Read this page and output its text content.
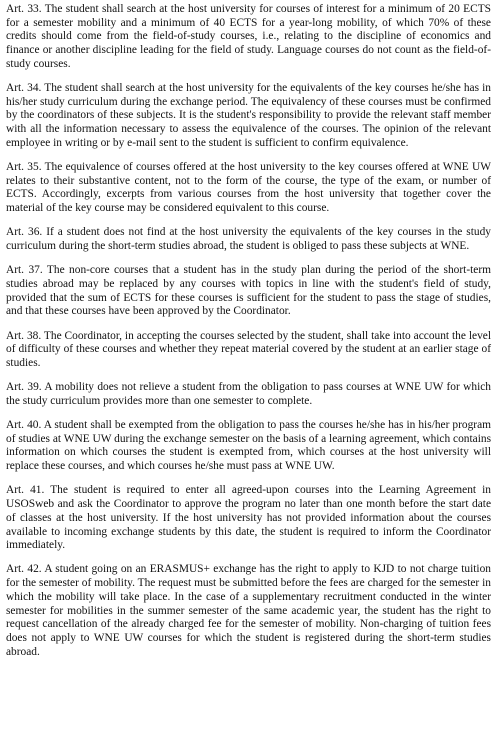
Art. 33. The student shall search at the host university for courses of interest for a minimum of 20 ECTS for a semester mobility and a minimum of 40 ECTS for a year-long mobility, of which 70% of these credits should come from the field-of-study courses, i.e., relating to the discipline of economics and finance or another discipline leading for the field of study. Language courses do not count as the field-of-study courses.

Art. 34. The student shall search at the host university for the equivalents of the key courses he/she has in his/her study curriculum during the exchange period. The equivalency of these courses must be confirmed by the coordinators of these subjects. It is the student's responsibility to provide the relevant staff member with all the information necessary to assess the equivalence of the courses. The opinion of the relevant employee in writing or by e-mail sent to the student is sufficient to confirm equivalence.

Art. 35. The equivalence of courses offered at the host university to the key courses offered at WNE UW relates to their substantive content, not to the form of the course, the type of the exam, or number of ECTS. Accordingly, excerpts from various courses from the host university that together cover the material of the key course may be considered equivalent to this course.

Art. 36. If a student does not find at the host university the equivalents of the key courses in the study curriculum during the short-term studies abroad, the student is obliged to pass these subjects at WNE.

Art. 37. The non-core courses that a student has in the study plan during the period of the short-term studies abroad may be replaced by any courses with topics in line with the student's field of study, provided that the sum of ECTS for these courses is sufficient for the student to pass the stage of studies, and that these courses have been approved by the Coordinator.

Art. 38. The Coordinator, in accepting the courses selected by the student, shall take into account the level of difficulty of these courses and whether they repeat material covered by the student at an earlier stage of studies.

Art. 39. A mobility does not relieve a student from the obligation to pass courses at WNE UW for which the study curriculum provides more than one semester to complete.

Art. 40. A student shall be exempted from the obligation to pass the courses he/she has in his/her program of studies at WNE UW during the exchange semester on the basis of a learning agreement, which contains information on which courses the student is exempted from, which courses at the host university will replace these courses, and which courses he/she must pass at WNE UW.

Art. 41. The student is required to enter all agreed-upon courses into the Learning Agreement in USOSweb and ask the Coordinator to approve the program no later than one month before the start date of classes at the host university. If the host university has not provided information about the courses available to incoming exchange students by this date, the student is required to inform the Coordinator immediately.

Art. 42. A student going on an ERASMUS+ exchange has the right to apply to KJD to not charge tuition for the semester of mobility. The request must be submitted before the fees are charged for the semester in which the mobility will take place. In the case of a supplementary recruitment conducted in the winter semester for mobilities in the summer semester of the same academic year, the student has the right to request cancellation of the already charged fee for the semester of mobility. Non-charging of tuition fees does not apply to WNE UW courses for which the student is registered during the short-term studies abroad.
